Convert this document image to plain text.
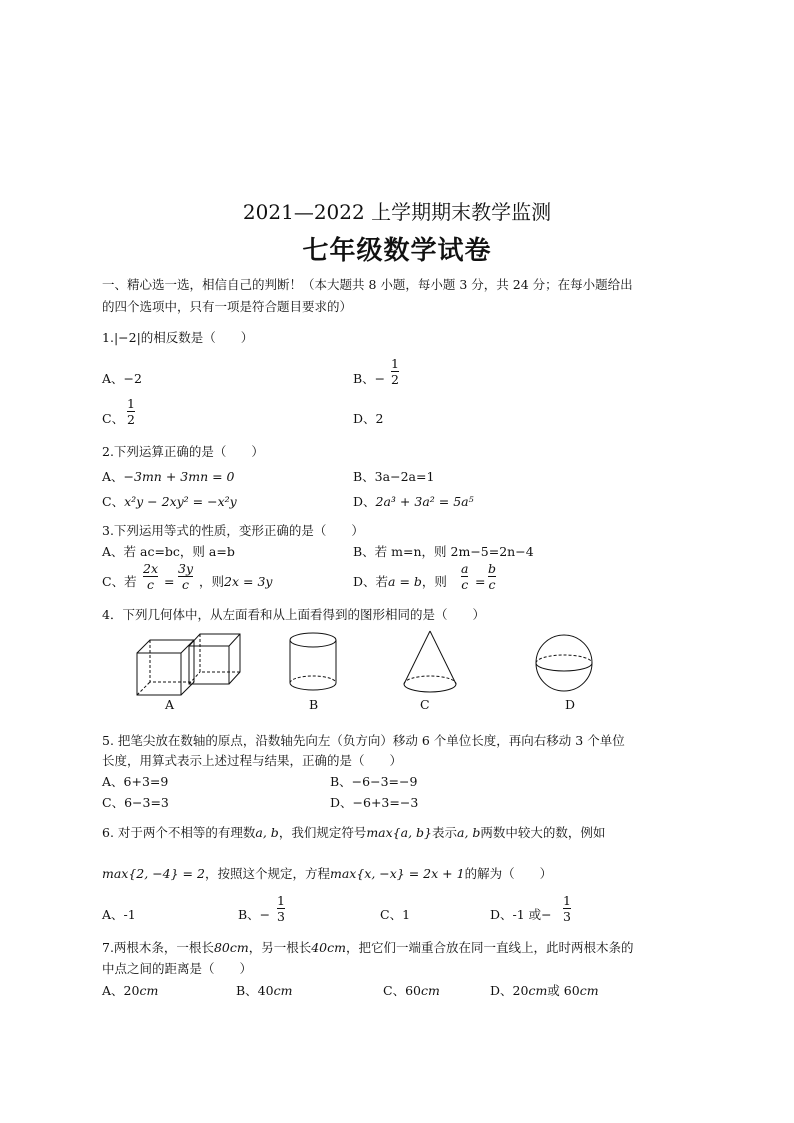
2021—2022 上学期期末教学监测
七年级数学试卷
一、精心选一选，相信自己的判断！（本大题共 8 小题，每小题 3 分，共 24 分；在每小题给出
的四个选项中，只有一项是符合题目要求的）
1.|−2|的相反数是（　　）
A、−2	B、−
1
2
C、
1
2	D、2
2.下列运算正确的是（　　）
A、−3mn + 3mn = 0	B、3a−2a=1
C、x²y − 2xy² = −x²y	D、2a³ + 3a² = 5a⁵
3.下列运用等式的性质，变形正确的是（　　）
A、若 ac=bc，则 a=b	B、若 m=n，则 2m−5=2n−4
C、若
2x
c =
3y
c ，则2x = 3y	D、若a = b，则
a
c =
b
c
4．下列几何体中，从左面看和从上面看得到的图形相同的是（　　）
A	B	C	D
5. 把笔尖放在数轴的原点，沿数轴先向左（负方向）移动 6 个单位长度，再向右移动 3 个单位
长度，用算式表示上述过程与结果，正确的是（　　）
A、6+3=9	B、−6−3=−9
C、6−3=3	D、−6+3=−3
6. 对于两个不相等的有理数a, b，我们规定符号max{a, b}表示a, b两数中较大的数，例如
max{2, −4} = 2，按照这个规定，方程max{x, −x} = 2x + 1的解为（　　）
A、-1	B、−
1
3	C、1	D、-1 或−
1
3
7.两根木条，一根长80cm，另一根长40cm，把它们一端重合放在同一直线上，此时两根木条的
中点之间的距离是（　　）
A、20cm	B、40cm	C、60cm	D、20cm或 60cm
